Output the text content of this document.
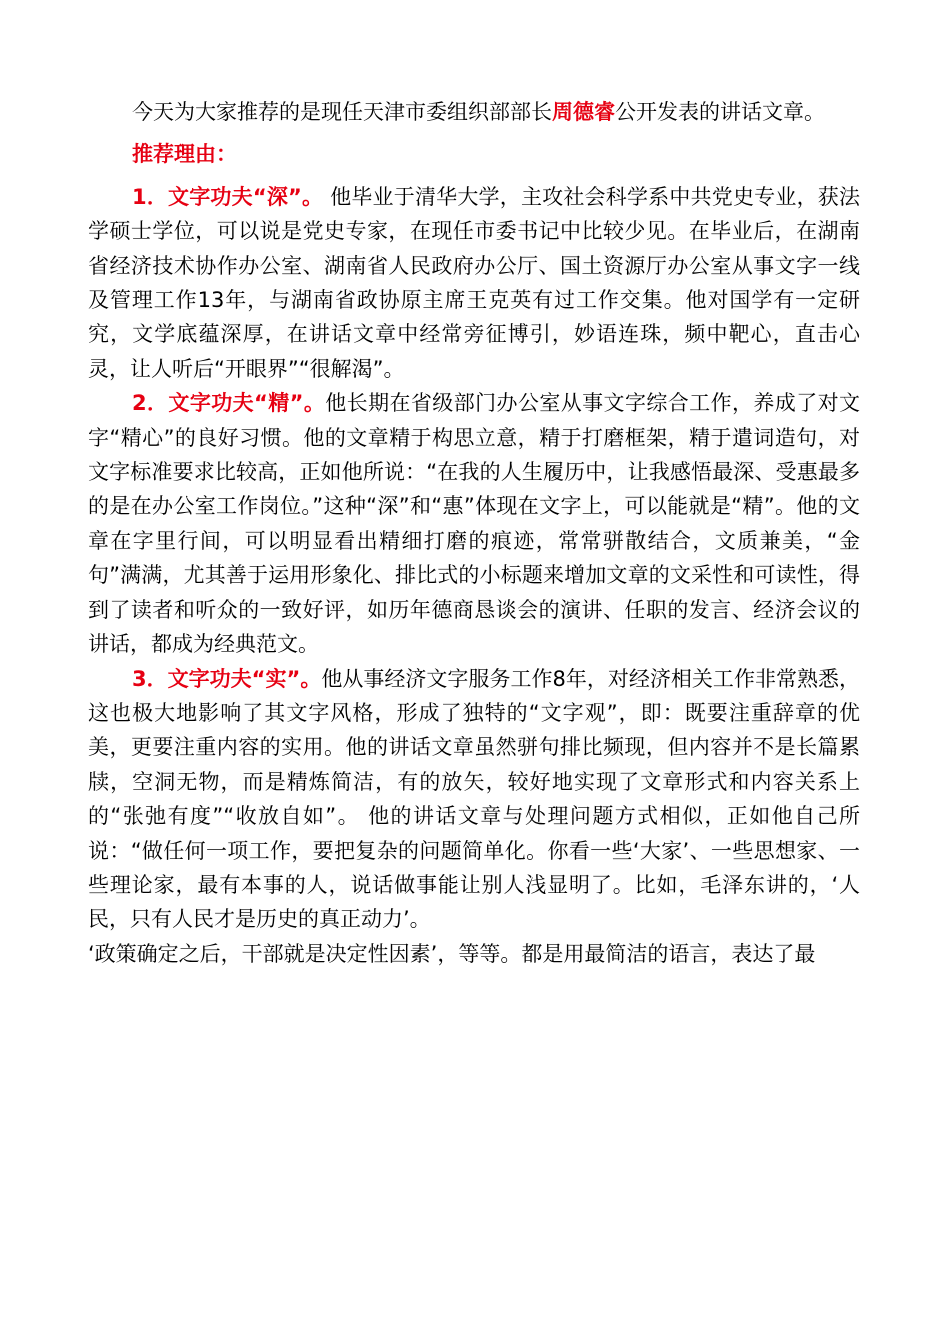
今天为大家推荐的是现任天津市委组织部部长周德睿公开发表的讲话文章。

推荐理由：

1．文字功夫“深”。 他毕业于清华大学，主攻社会科学系中共党史专业，获法学硕士学位，可以说是党史专家，在现任市委书记中比较少见。在毕业后，在湖南省经济技术协作办公室、湖南省人民政府办公厅、国土资源厅办公室从事文字一线及管理工作13年，与湖南省政协原主席王克英有过工作交集。他对国学有一定研究，文学底蕴深厚，在讲话文章中经常旁征博引，妙语连珠，频中靶心，直击心灵，让人听后“开眼界”“很解渴”。

2．文字功夫“精”。他长期在省级部门办公室从事文字综合工作，养成了对文字“精心”的良好习惯。他的文章精于构思立意，精于打磨框架，精于遣词造句，对文字标准要求比较高，正如他所说：“在我的人生履历中，让我感悟最深、受惠最多的是在办公室工作岗位。”这种“深”和“惠”体现在文字上，可以能就是“精”。他的文章在字里行间，可以明显看出精细打磨的痕迹，常常骈散结合，文质兼美，“金句”满满，尤其善于运用形象化、排比式的小标题来增加文章的文采性和可读性，得到了读者和听众的一致好评，如历年德商恳谈会的演讲、任职的发言、经济会议的讲话，都成为经典范文。

3．文字功夫“实”。他从事经济文字服务工作8年，对经济相关工作非常熟悉，这也极大地影响了其文字风格，形成了独特的“文字观”，即：既要注重辞章的优美，更要注重内容的实用。他的讲话文章虽然骈句排比频现，但内容并不是长篇累牍，空洞无物，而是精炼简洁，有的放矢，较好地实现了文章形式和内容关系上的“张弛有度”“收放自如”。 他的讲话文章与处理问题方式相似，正如他自己所说：“做任何一项工作，要把复杂的问题简单化。你看一些‘大家’、一些思想家、一些理论家，最有本事的人，说话做事能让别人浅显明了。比如，毛泽东讲的，‘人民，只有人民才是历史的真正动力’。

‘政策确定之后，干部就是决定性因素’，等等。都是用最简洁的语言，表达了最
